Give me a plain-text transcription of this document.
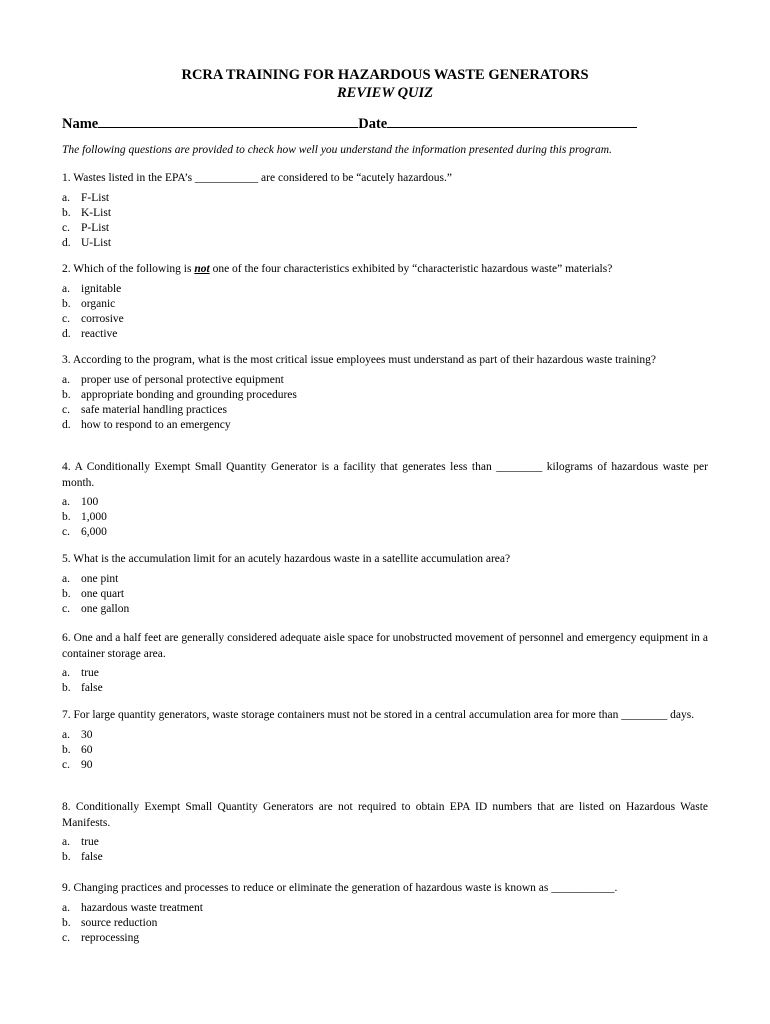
RCRA TRAINING FOR HAZARDOUS WASTE GENERATORS
REVIEW QUIZ
Name	Date
The following questions are provided to check how well you understand the information presented during this program.
1. Wastes listed in the EPA’s ___________ are considered to be “acutely hazardous.”
a. F-List
b. K-List
c. P-List
d. U-List
2. Which of the following is not one of the four characteristics exhibited by “characteristic hazardous waste” materials?
a. ignitable
b. organic
c. corrosive
d. reactive
3. According to the program, what is the most critical issue employees must understand as part of their hazardous waste training?
a. proper use of personal protective equipment
b. appropriate bonding and grounding procedures
c. safe material handling practices
d. how to respond to an emergency
4. A Conditionally Exempt Small Quantity Generator is a facility that generates less than ________ kilograms of hazardous waste per month.
a. 100
b. 1,000
c. 6,000
5. What is the accumulation limit for an acutely hazardous waste in a satellite accumulation area?
a. one pint
b. one quart
c. one gallon
6. One and a half feet are generally considered adequate aisle space for unobstructed movement of personnel and emergency equipment in a container storage area.
a. true
b. false
7. For large quantity generators, waste storage containers must not be stored in a central accumulation area for more than ________ days.
a. 30
b. 60
c. 90
8. Conditionally Exempt Small Quantity Generators are not required to obtain EPA ID numbers that are listed on Hazardous Waste Manifests.
a. true
b. false
9. Changing practices and processes to reduce or eliminate the generation of hazardous waste is known as ___________.
a. hazardous waste treatment
b. source reduction
c. reprocessing
